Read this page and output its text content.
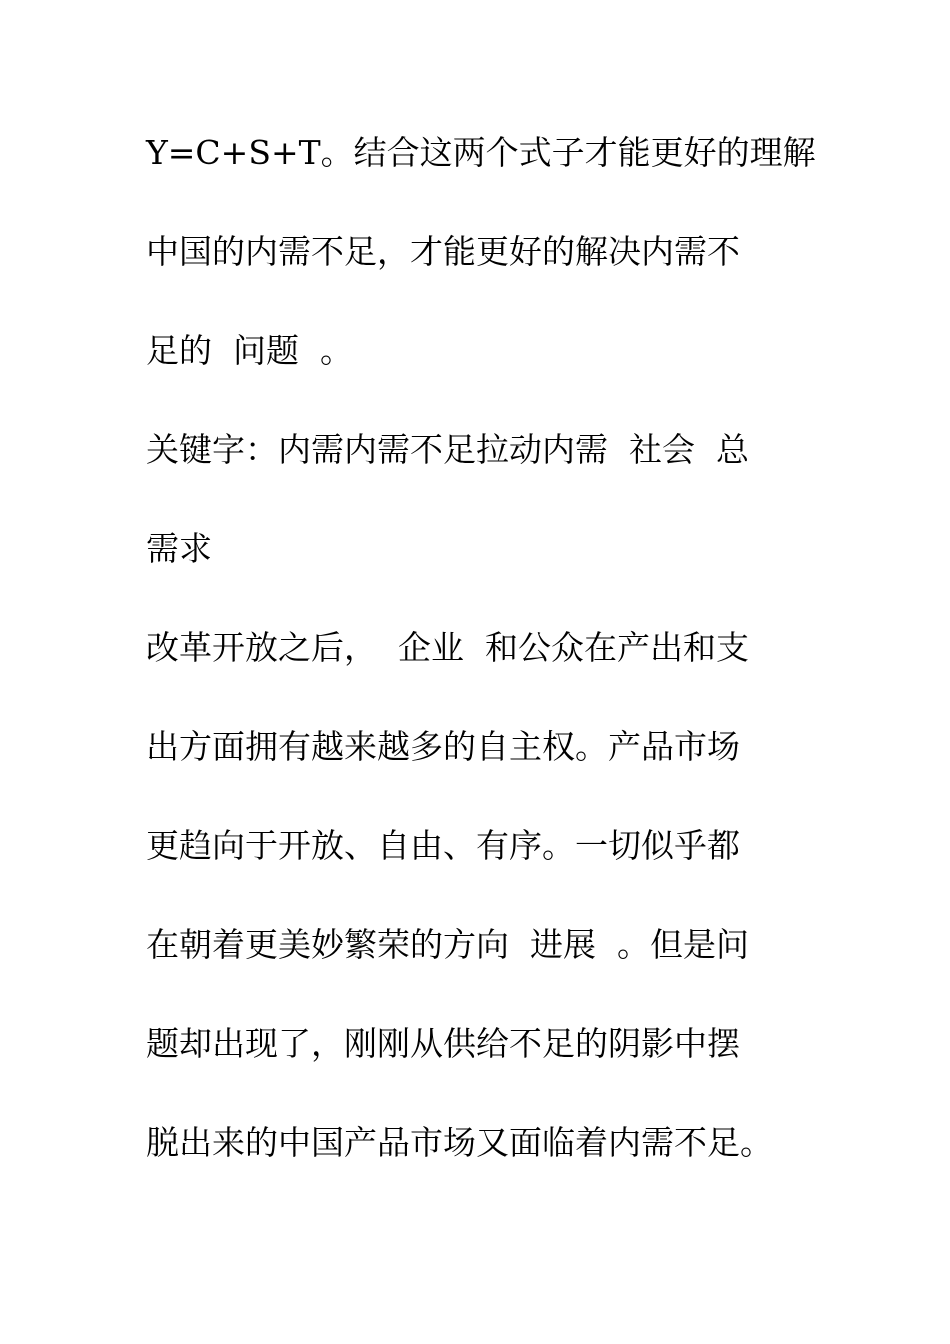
Y=C+S+T。结合这两个式子才能更好的理解
中国的内需不足，才能更好的解决内需不
足的  问题  。
关键字：内需内需不足拉动内需  社会  总
需求
改革开放之后，  企业  和公众在产出和支
出方面拥有越来越多的自主权。产品市场
更趋向于开放、自由、有序。一切似乎都
在朝着更美妙繁荣的方向  进展  。但是问
题却出现了，刚刚从供给不足的阴影中摆
脱出来的中国产品市场又面临着内需不足。
